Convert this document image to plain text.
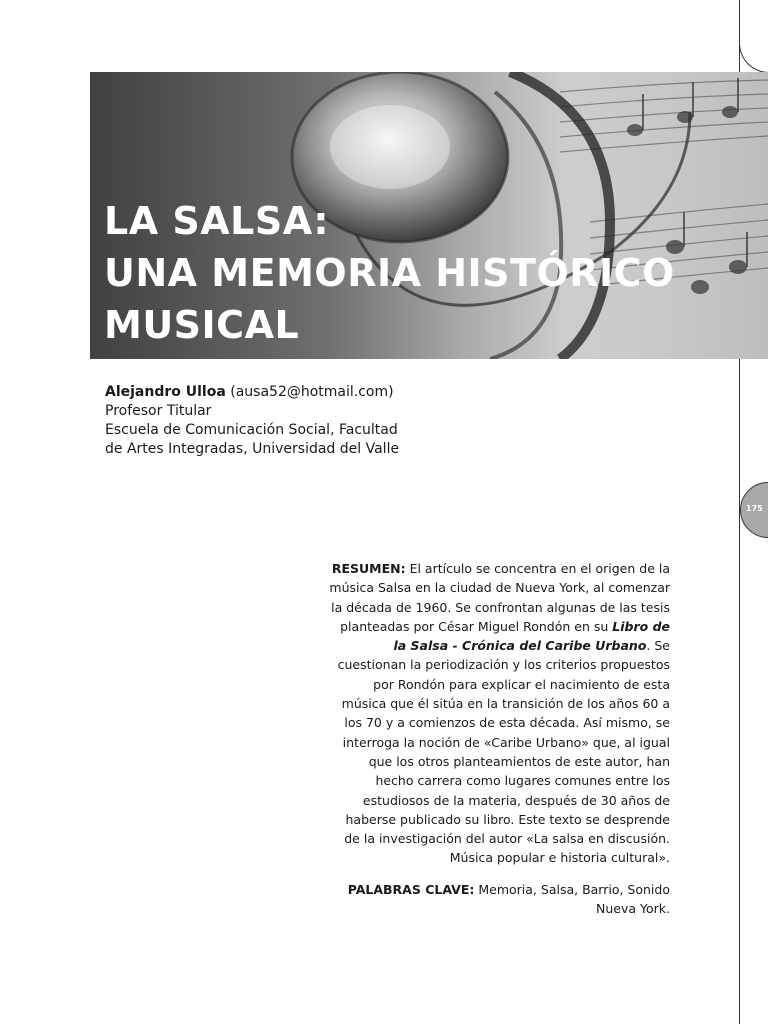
175
LA SALSA:
UNA MEMORIA HISTÓRICO
MUSICAL
Alejandro Ulloa (ausa52@hotmail.com)
Profesor Titular
Escuela de Comunicación Social, Facultad
de Artes Integradas, Universidad del Valle

RESUMEN: El artículo se concentra en el origen de la música Salsa en la ciudad de Nueva York, al comenzar la década de 1960. Se confrontan algunas de las tesis planteadas por César Miguel Rondón en su Libro de la Salsa - Crónica del Caribe Urbano. Se cuestionan la periodización y los criterios propuestos por Rondón para explicar el nacimiento de esta música que él sitúa en la transición de los años 60 a los 70 y a comienzos de esta década. Así mismo, se interroga la noción de «Caribe Urbano» que, al igual que los otros planteamientos de este autor, han hecho carrera como lugares comunes entre los estudiosos de la materia, después de 30 años de haberse publicado su libro. Este texto se desprende de la investigación del autor «La salsa en discusión. Música popular e historia cultural».

PALABRAS CLAVE: Memoria, Salsa, Barrio, Sonido Nueva York.
